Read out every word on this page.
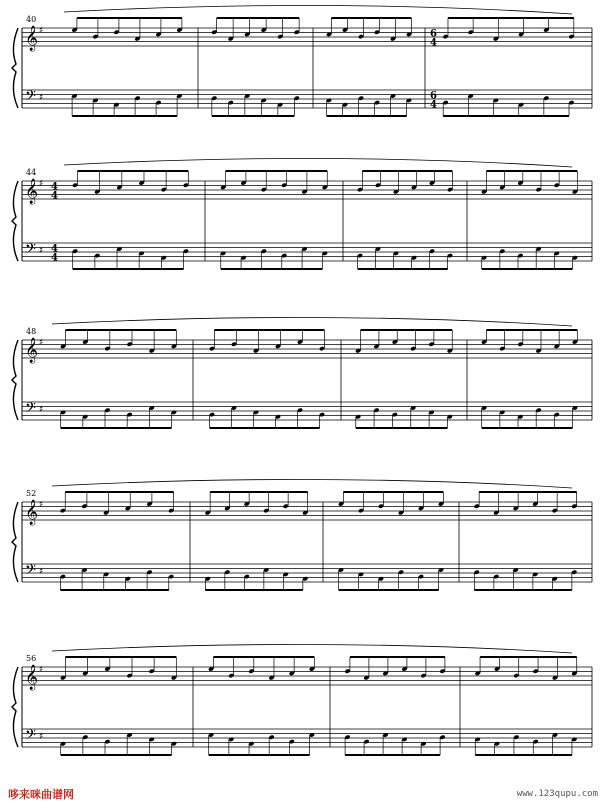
𝄞
𝄢
♯
♯
𝄞
𝄢
♯
♯
𝄞
𝄢
♯
♯
𝄞
𝄢
♯
♯
𝄞
𝄢
♯
♯
40
6
4
6
4
44
4
4
4
4
48
52
56
哆来咪曲谱网	www.123qupu.com
